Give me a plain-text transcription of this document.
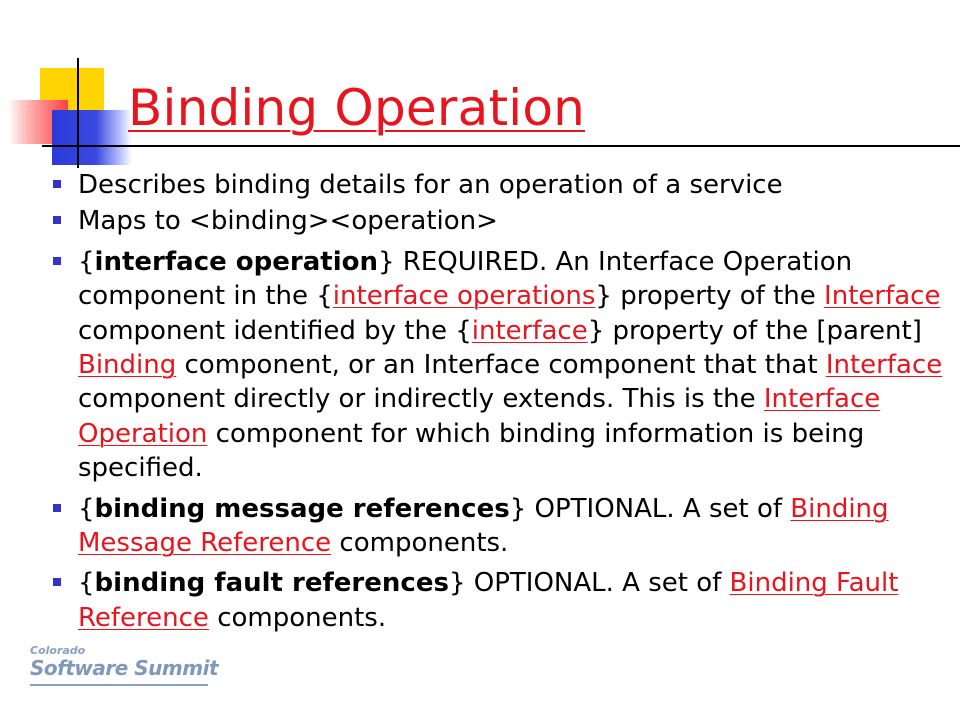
Binding Operation
Describes binding details for an operation of a service
Maps to <binding><operation>
{interface operation} REQUIRED. An Interface Operation component in the {interface operations} property of the Interface component identified by the {interface} property of the [parent] Binding component, or an Interface component that that Interface component directly or indirectly extends. This is the Interface Operation component for which binding information is being specified.
{binding message references} OPTIONAL. A set of Binding Message Reference components.
{binding fault references} OPTIONAL. A set of Binding Fault Reference components.
Colorado
Software Summit
